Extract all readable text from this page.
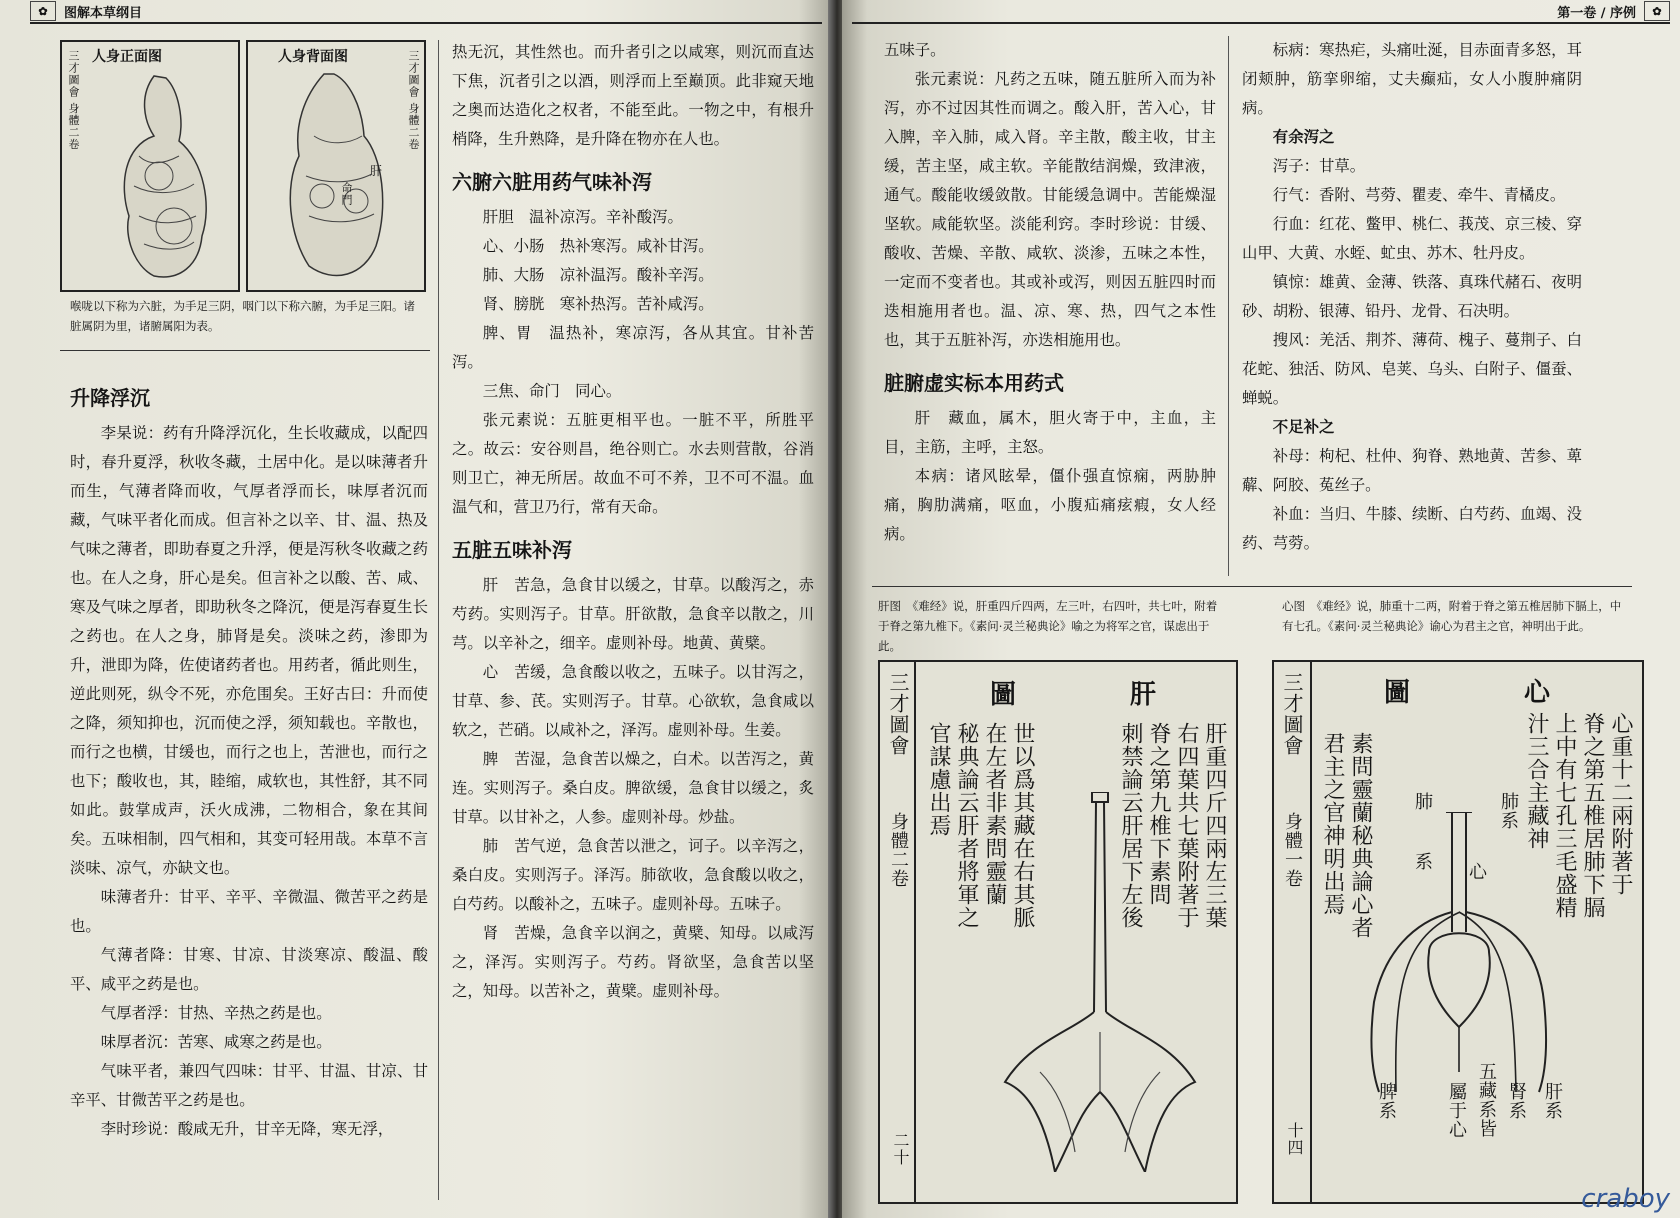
✿	图解本草纲目
人身正面图
三才圖會 身體二卷	人身背面图	三才圖會 身體二卷
肝
命門
喉咙以下称为六脏，为手足三阴，咽门以下称六腑，为手足三阳。诸脏属阴为里，诸腑属阳为表。
升降浮沉

李杲说：药有升降浮沉化，生长收藏成，以配四时，春升夏浮，秋收冬藏，土居中化。是以味薄者升而生，气薄者降而收，气厚者浮而长，味厚者沉而藏，气味平者化而成。但言补之以辛、甘、温、热及气味之薄者，即助春夏之升浮，便是泻秋冬收藏之药也。在人之身，肝心是矣。但言补之以酸、苦、咸、寒及气味之厚者，即助秋冬之降沉，便是泻春夏生长之药也。在人之身，肺肾是矣。淡味之药，渗即为升，泄即为降，佐使诸药者也。用药者，循此则生，逆此则死，纵令不死，亦危围矣。王好古曰：升而使之降，须知抑也，沉而使之浮，须知载也。辛散也，而行之也横，甘缓也，而行之也上，苦泄也，而行之也下；酸收也，其，睦缩，咸软也，其性舒，其不同如此。鼓掌成声，沃火成沸，二物相合，象在其间矣。五味相制，四气相和，其变可轻用哉。本草不言淡味、凉气，亦缺文也。

味薄者升：甘平、辛平、辛微温、微苦平之药是也。

气薄者降：甘寒、甘凉、甘淡寒凉、酸温、酸平、咸平之药是也。

气厚者浮：甘热、辛热之药是也。

味厚者沉：苦寒、咸寒之药是也。

气味平者，兼四气四味：甘平、甘温、甘凉、甘辛平、甘微苦平之药是也。

李时珍说：酸咸无升，甘辛无降，寒无浮，

热无沉，其性然也。而升者引之以咸寒，则沉而直达下焦，沉者引之以酒，则浮而上至巅顶。此非窥天地之奥而达造化之权者，不能至此。一物之中，有根升梢降，生升熟降，是升降在物亦在人也。

六腑六脏用药气味补泻

肝胆　温补凉泻。辛补酸泻。

心、小肠　热补寒泻。咸补甘泻。

肺、大肠　凉补温泻。酸补辛泻。

肾、膀胱　寒补热泻。苦补咸泻。

脾、胃　温热补，寒凉泻，各从其宜。甘补苦泻。

三焦、命门　同心。

张元素说：五脏更相平也。一脏不平，所胜平之。故云：安谷则昌，绝谷则亡。水去则营散，谷消则卫亡，神无所居。故血不可不养，卫不可不温。血温气和，营卫乃行，常有天命。

五脏五味补泻

肝　苦急，急食甘以缓之，甘草。以酸泻之，赤芍药。实则泻子。甘草。肝欲散，急食辛以散之，川芎。以辛补之，细辛。虚则补母。地黄、黄檗。

心　苦缓，急食酸以收之，五味子。以甘泻之，甘草、参、芪。实则泻子。甘草。心欲软，急食咸以软之，芒硝。以咸补之，泽泻。虚则补母。生姜。

脾　苦湿，急食苦以燥之，白术。以苦泻之，黄连。实则泻子。桑白皮。脾欲缓，急食甘以缓之，炙甘草。以甘补之，人参。虚则补母。炒盐。

肺　苦气逆，急食苦以泄之，诃子。以辛泻之，桑白皮。实则泻子。泽泻。肺欲收，急食酸以收之，白芍药。以酸补之，五味子。虚则补母。五味子。

肾　苦燥，急食辛以润之，黄檗、知母。以咸泻之，泽泻。实则泻子。芍药。肾欲坚，急食苦以坚之，知母。以苦补之，黄檗。虚则补母。

第一卷 / 序例	✿

五味子。

张元素说：凡药之五味，随五脏所入而为补泻，亦不过因其性而调之。酸入肝，苦入心，甘入脾，辛入肺，咸入肾。辛主散，酸主收，甘主缓，苦主坚，咸主软。辛能散结润燥，致津液，通气。酸能收缓敛散。甘能缓急调中。苦能燥湿坚软。咸能软坚。淡能利窍。李时珍说：甘缓、酸收、苦燥、辛散、咸软、淡渗，五味之本性，一定而不变者也。其或补或泻，则因五脏四时而迭相施用者也。温、凉、寒、热，四气之本性也，其于五脏补泻，亦迭相施用也。

脏腑虚实标本用药式

肝　藏血，属木，胆火寄于中，主血，主目，主筋，主呼，主怒。

本病：诸风眩晕，僵仆强直惊痫，两胁肿痛，胸肋满痛，呕血，小腹疝痛痃瘕，女人经病。

标病：寒热疟，头痛吐涎，目赤面青多怒，耳闭颊肿，筋挛卵缩，丈夫癫疝，女人小腹肿痛阴病。

有余泻之

泻子：甘草。

行气：香附、芎䓖、瞿麦、牵牛、青橘皮。

行血：红花、鳖甲、桃仁、莪茂、京三棱、穿山甲、大黄、水蛭、虻虫、苏木、牡丹皮。

镇惊：雄黄、金薄、铁落、真珠代赭石、夜明砂、胡粉、银薄、铅丹、龙骨、石决明。

搜风：羌活、荆芥、薄荷、槐子、蔓荆子、白花蛇、独活、防风、皂荚、乌头、白附子、僵蚕、蝉蜕。

不足补之

补母：枸杞、杜仲、狗脊、熟地黄、苦参、萆薢、阿胶、菟丝子。

补血：当归、牛膝、续断、白芍药、血竭、没药、芎䓖。

肝图　《难经》说，肝重四斤四两，左三叶，右四叶，共七叶，附着于脊之第九椎下。《素问·灵兰秘典论》喻之为将军之官，谋虑出于此。
心图　《难经》说，肺重十二两，附着于脊之第五椎居肺下膈上，中有七孔。《素问·灵兰秘典论》谕心为君主之官，神明出于此。
圖	肝
三才圖會
身體二卷
二十
肝重四斤四兩左三葉
右四葉共七葉附著于
脊之第九椎下素問
刺禁論云肝居下左後
世以爲其藏在右其脈
在左者非素問靈蘭
秘典論云肝者將軍之
官謀慮出焉
圖	心
三才圖會
身體一卷
十四
心重十二兩附著于
脊之第五椎居肺下膈
上中有七孔三毛盛精
汁三合主藏神
素問靈蘭秘典論心者
君主之官神明出焉	肺
系
心
肺系
脾系	屬于心 五藏系皆 腎系 肝系
craboy
